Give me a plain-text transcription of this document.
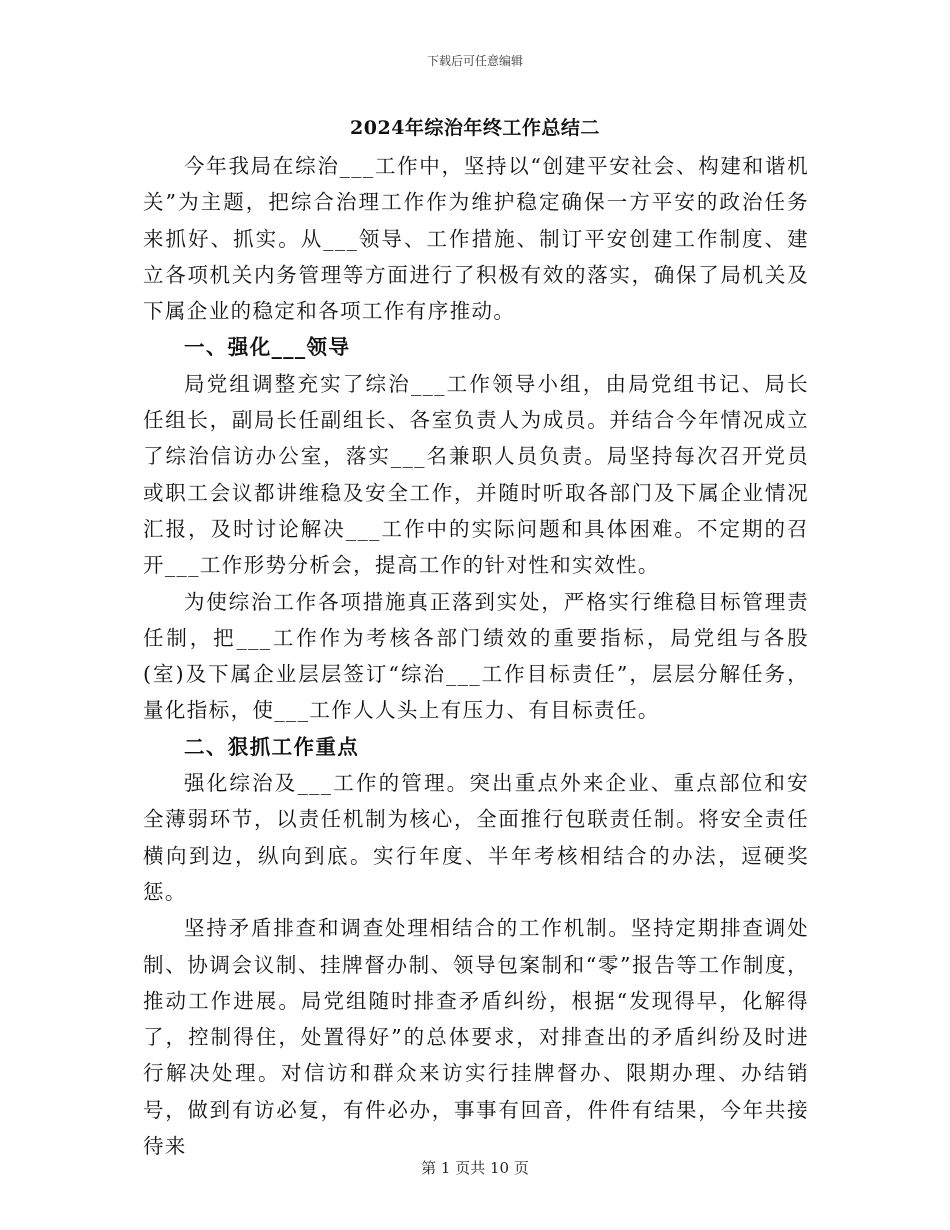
下载后可任意编辑
2024年综治年终工作总结二

今年我局在综治___工作中，坚持以“创建平安社会、构建和谐机关”为主题，把综合治理工作作为维护稳定确保一方平安的政治任务来抓好、抓实。从___领导、工作措施、制订平安创建工作制度、建立各项机关内务管理等方面进行了积极有效的落实，确保了局机关及下属企业的稳定和各项工作有序推动。

一、强化___领导

局党组调整充实了综治___工作领导小组，由局党组书记、局长任组长，副局长任副组长、各室负责人为成员。并结合今年情况成立了综治信访办公室，落实___名兼职人员负责。局坚持每次召开党员或职工会议都讲维稳及安全工作，并随时听取各部门及下属企业情况汇报，及时讨论解决___工作中的实际问题和具体困难。不定期的召开___工作形势分析会，提高工作的针对性和实效性。

为使综治工作各项措施真正落到实处，严格实行维稳目标管理责任制，把___工作作为考核各部门绩效的重要指标，局党组与各股(室)及下属企业层层签订“综治___工作目标责任”，层层分解任务，量化指标，使___工作人人头上有压力、有目标责任。

二、狠抓工作重点

强化综治及___工作的管理。突出重点外来企业、重点部位和安全薄弱环节，以责任机制为核心，全面推行包联责任制。将安全责任横向到边，纵向到底。实行年度、半年考核相结合的办法，逗硬奖惩。

坚持矛盾排查和调查处理相结合的工作机制。坚持定期排查调处制、协调会议制、挂牌督办制、领导包案制和“零”报告等工作制度，推动工作进展。局党组随时排查矛盾纠纷，根据“发现得早，化解得了，控制得住，处置得好”的总体要求，对排查出的矛盾纠纷及时进行解决处理。对信访和群众来访实行挂牌督办、限期办理、办结销号，做到有访必复，有件必办，事事有回音，件件有结果，今年共接待来

第 1 页共 10 页
